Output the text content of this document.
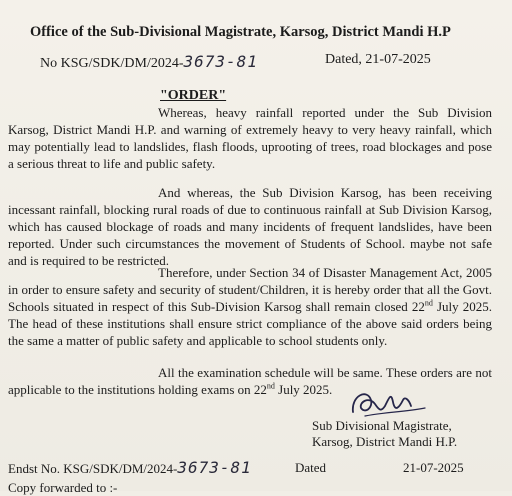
Office of the Sub-Divisional Magistrate, Karsog, District Mandi H.P
No KSG/SDK/DM/2024-3673-81	Dated, 21-07-2025
"ORDER"
Whereas, heavy rainfall reported under the Sub Division Karsog, District Mandi H.P. and warning of extremely heavy to very heavy rainfall, which may potentially lead to landslides, flash floods, uprooting of trees, road blockages and pose a serious threat to life and public safety.
And whereas, the Sub Division Karsog, has been receiving incessant rainfall, blocking rural roads of due to continuous rainfall at Sub Division Karsog, which has caused blockage of roads and many incidents of frequent landslides, have been reported. Under such circumstances the movement of Students of School. maybe not safe and is required to be restricted.
Therefore, under Section 34 of Disaster Management Act, 2005 in order to ensure safety and security of student/Children, it is hereby order that all the Govt. Schools situated in respect of this Sub-Division Karsog shall remain closed 22nd July 2025. The head of these institutions shall ensure strict compliance of the above said orders being the same a matter of public safety and applicable to school students only.
All the examination schedule will be same. These orders are not applicable to the institutions holding exams on 22nd July 2025.
Sub Divisional Magistrate,
Karsog, District Mandi H.P.
Endst No. KSG/SDK/DM/2024-3673-81	Dated	21-07-2025
Copy forwarded to :-
